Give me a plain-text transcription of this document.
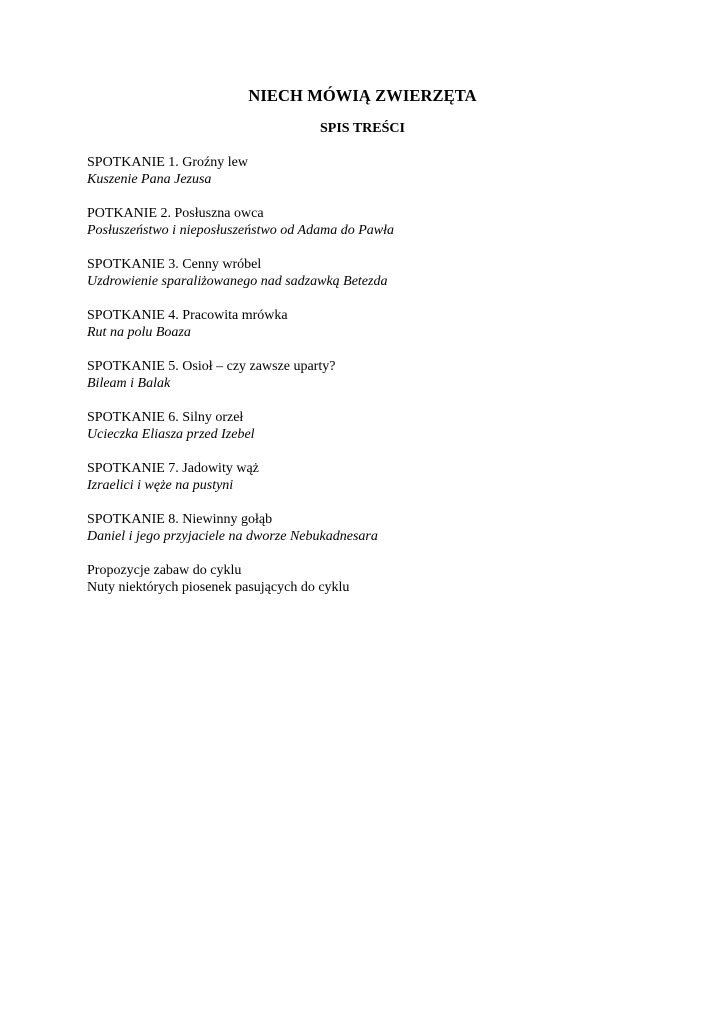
NIECH MÓWIĄ ZWIERZĘTA
SPIS TREŚCI
SPOTKANIE 1. Groźny lew
Kuszenie Pana Jezusa
POTKANIE 2. Posłuszna owca
Posłuszeństwo i nieposłuszeństwo od Adama do Pawła
SPOTKANIE 3. Cenny wróbel
Uzdrowienie sparaliżowanego nad sadzawką Betezda
SPOTKANIE 4. Pracowita mrówka
Rut na polu Boaza
SPOTKANIE 5. Osioł – czy zawsze uparty?
Bileam i Balak
SPOTKANIE 6. Silny orzeł
Ucieczka Eliasza przed Izebel
SPOTKANIE 7. Jadowity wąż
Izraelici i węże na pustyni
SPOTKANIE 8. Niewinny gołąb
Daniel i jego przyjaciele na dworze Nebukadnesara
Propozycje zabaw do cyklu
Nuty niektórych piosenek pasujących do cyklu
